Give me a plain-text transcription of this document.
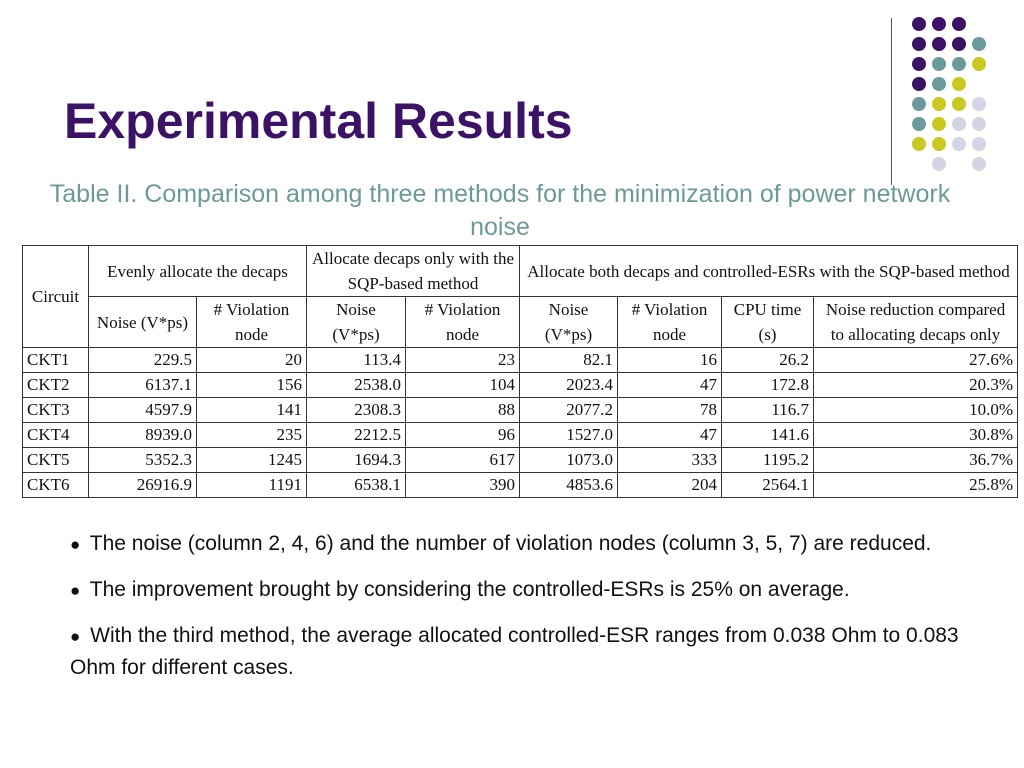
Experimental Results
Table II. Comparison among three methods for the minimization of power network noise
Circuit	Evenly allocate the decaps		Allocate decaps only with the SQP-based method		Allocate both decaps and controlled-ESRs with the SQP-based method			
	Noise (V*ps)	# Violation node	Noise (V*ps)	# Violation node	Noise (V*ps)	# Violation node	CPU time (s)	Noise reduction compared to allocating decaps only
CKT1	229.5	20	113.4	23	82.1	16	26.2	27.6%
CKT2	6137.1	156	2538.0	104	2023.4	47	172.8	20.3%
CKT3	4597.9	141	2308.3	88	2077.2	78	116.7	10.0%
CKT4	8939.0	235	2212.5	96	1527.0	47	141.6	30.8%
CKT5	5352.3	1245	1694.3	617	1073.0	333	1195.2	36.7%
CKT6	26916.9	1191	6538.1	390	4853.6	204	2564.1	25.8%
● The noise (column 2, 4, 6) and the number of violation nodes (column 3, 5, 7) are reduced.
● The improvement brought by considering the controlled-ESRs is 25% on average.
● With the third method, the average allocated controlled-ESR ranges from 0.038 Ohm to 0.083 Ohm for different cases.
